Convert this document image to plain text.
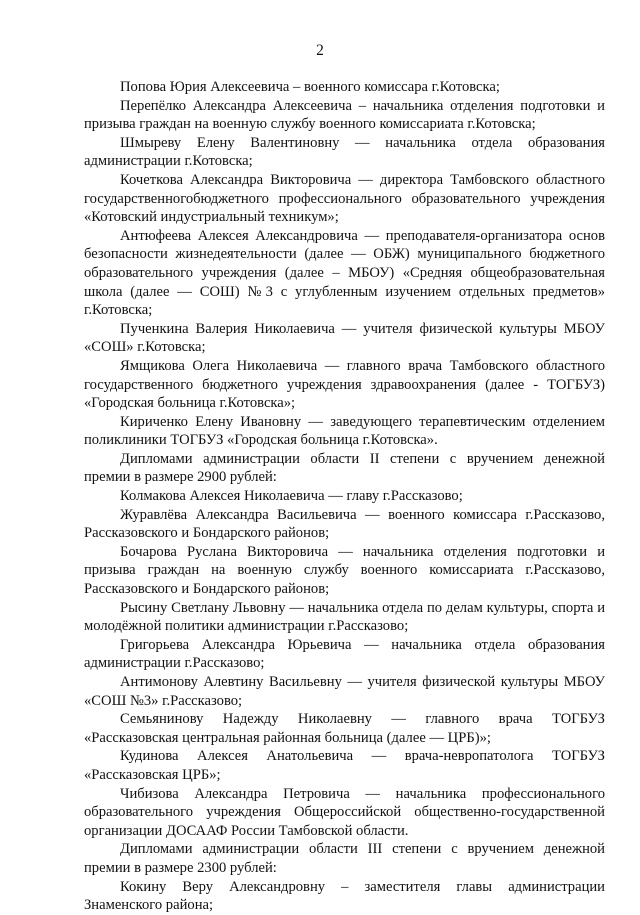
2

Попова Юрия Алексеевича – военного комиссара г.Котовска;

Перепёлко Александра Алексеевича – начальника отделения подготовки и призыва граждан на военную службу военного комиссариата г.Котовска;

Шмыреву Елену Валентиновну — начальника отдела образования администрации г.Котовска;

Кочеткова Александра Викторовича — директора Тамбовского областного государственногобюджетного профессионального образовательного учреждения «Котовский индустриальный техникум»;

Антюфеева Алексея Александровича — преподавателя-организатора основ безопасности жизнедеятельности (далее — ОБЖ) муниципального бюджетного образовательного учреждения (далее – МБОУ) «Средняя общеобразовательная школа (далее — СОШ) №3 с углубленным изучением отдельных предметов» г.Котовска;

Пученкина Валерия Николаевича — учителя физической культуры МБОУ «СОШ» г.Котовска;

Ямщикова Олега Николаевича — главного врача Тамбовского областного государственного бюджетного учреждения здравоохранения (далее - ТОГБУЗ) «Городская больница г.Котовска»;

Кириченко Елену Ивановну — заведующего терапевтическим отделением поликлиники ТОГБУЗ «Городская больница г.Котовска».

Дипломами администрации области II степени с вручением денежной премии в размере 2900 рублей:

Колмакова Алексея Николаевича — главу г.Рассказово;

Журавлёва Александра Васильевича — военного комиссара г.Рассказово, Рассказовского и Бондарского районов;

Бочарова Руслана Викторовича — начальника отделения подготовки и призыва граждан на военную службу военного комиссариата г.Рассказово, Рассказовского и Бондарского районов;

Рысину Светлану Львовну — начальника отдела по делам культуры, спорта и молодёжной политики администрации г.Рассказово;

Григорьева Александра Юрьевича — начальника отдела образования администрации г.Рассказово;

Антимонову Алевтину Васильевну — учителя физической культуры МБОУ «СОШ №3» г.Рассказово;

Семьянинову Надежду Николаевну — главного врача ТОГБУЗ «Рассказовская центральная районная больница (далее — ЦРБ)»;

Кудинова Алексея Анатольевича — врача-невропатолога ТОГБУЗ «Рассказовская ЦРБ»;

Чибизова Александра Петровича — начальника профессионального образовательного учреждения Общероссийской общественно-государственной организации ДОСААФ России Тамбовской области.

Дипломами администрации области III степени с вручением денежной премии в размере 2300 рублей:

Кокину Веру Александровну – заместителя главы администрации Знаменского района;
